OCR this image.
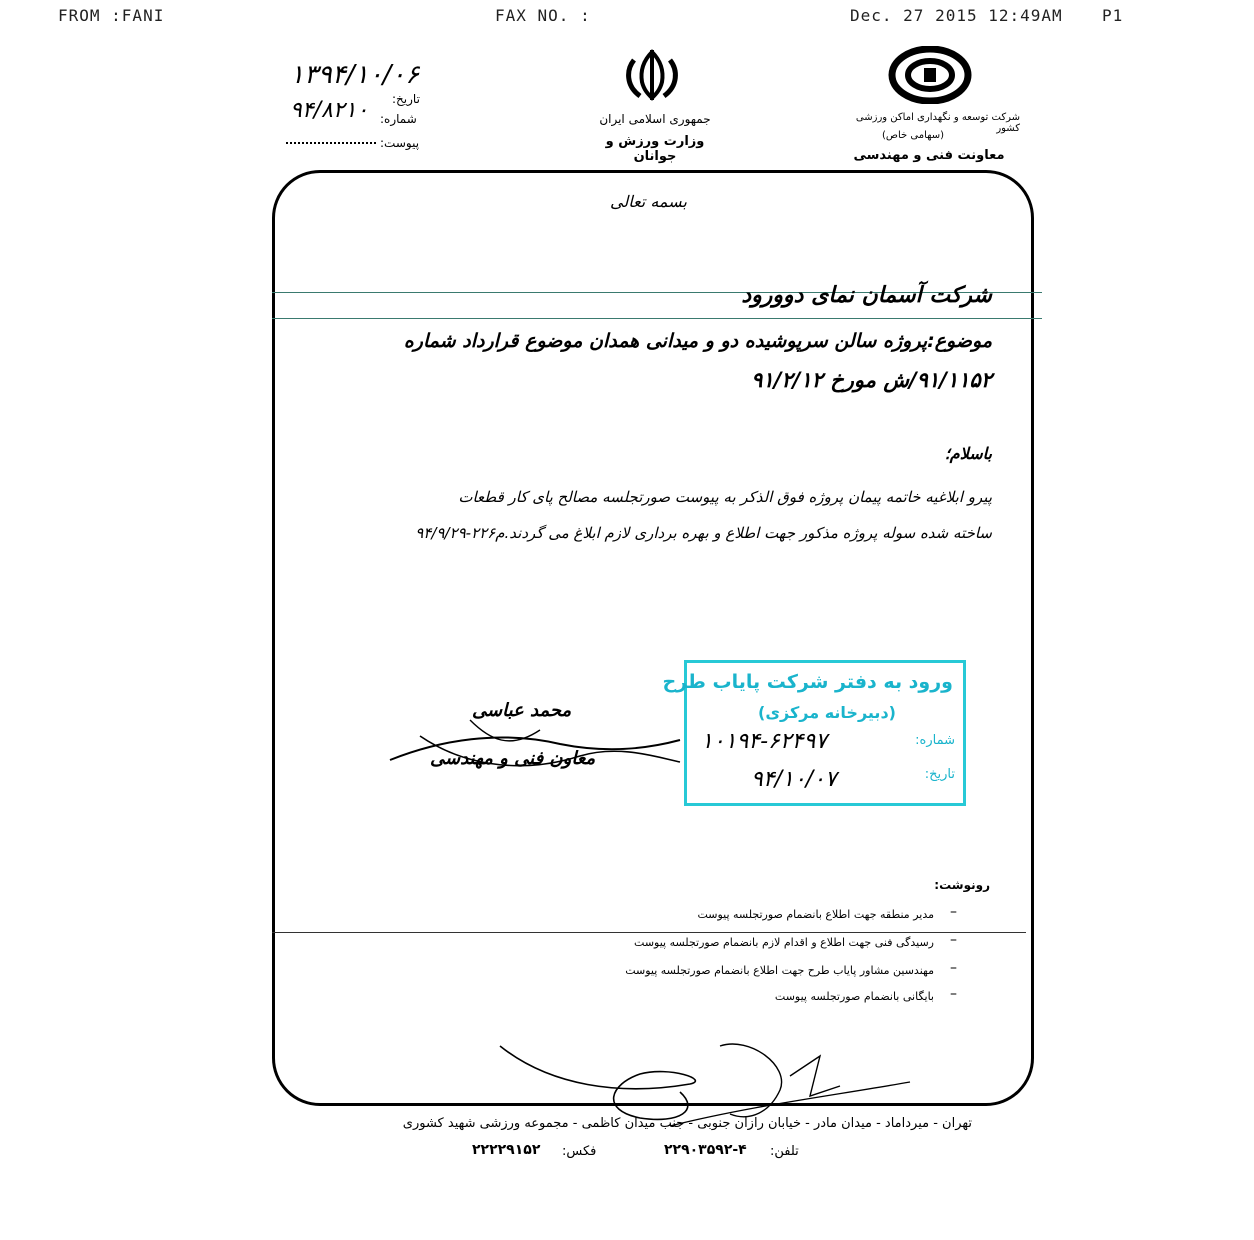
FROM :FANI	FAX NO. :	Dec. 27 2015 12:49AM P1
۱۳۹۴/۱۰/۰۶
تاریخ:
۹۴/۸۲۱۰ شماره:
پیوست:
جمهوری اسلامی ایران
وزارت ورزش و جوانان
شرکت توسعه و نگهداری اماکن ورزشی کشور
(سهامی خاص)
معاونت فنی و مهندسی
بسمه تعالی
شرکت آسمان نمای دوورود
موضوع:پروژه سالن سرپوشیده دو و میدانی همدان موضوع قرارداد شماره
۹۱/۱۱۵۲/ش مورخ ۹۱/۲/۱۲
باسلام؛
پیرو ابلاغیه خاتمه پیمان پروژه فوق الذکر به پیوست صورتجلسه مصالح پای کار قطعات
ساخته شده سوله پروژه مذکور جهت اطلاع و بهره برداری لازم ابلاغ می گردند.م۲۲۶-۹۴/۹/۲۹
محمد عباسی
معاون فنی و مهندسی
ورود به دفتر شرکت پایاب طرح
(دبیرخانه مرکزی)
شماره:
۱۰۱۹۴-۶۲۴۹۷
تاریخ:
۹۴/۱۰/۰۷
رونوشت:
مدیر منطقه جهت اطلاع بانضمام صورتجلسه پیوست –
رسیدگی فنی جهت اطلاع و اقدام لازم بانضمام صورتجلسه پیوست –
مهندسین مشاور پایاب طرح جهت اطلاع بانضمام صورتجلسه پیوست –
بایگانی بانضمام صورتجلسه پیوست –
تهران - میرداماد - میدان مادر - خیابان رازان جنوبی - جنب میدان کاظمی - مجموعه ورزشی شهید کشوری
تلفن:
۲۲۹۰۳۵۹۲-۴
فکس:
۲۲۲۲۹۱۵۲
